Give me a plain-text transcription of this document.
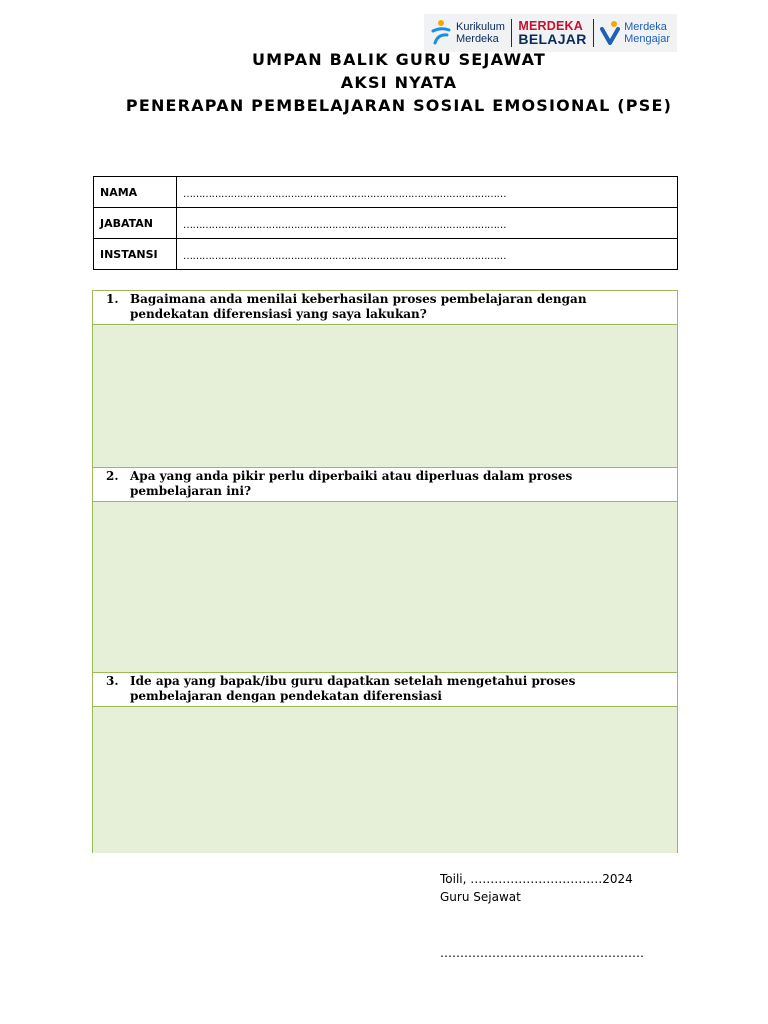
Kurikulum
Merdeka
MERDEKA
BELAJAR
Merdeka
Mengajar
UMPAN BALIK GURU SEJAWAT
AKSI NYATA
PENERAPAN PEMBELAJARAN SOSIAL EMOSIONAL (PSE)
NAMA	…………………………………………………………………………………………
JABATAN	…………………………………………………………………………………………
INSTANSI	…………………………………………………………………………………………
1. Bagaimana anda menilai keberhasilan proses pembelajaran dengan pendekatan diferensiasi yang saya lakukan?
2. Apa yang anda pikir perlu diperbaiki atau diperluas dalam proses pembelajaran ini?
3. Ide apa yang bapak/ibu guru dapatkan setelah mengetahui proses pembelajaran dengan pendekatan diferensiasi
Toili, ……………………………2024
Guru Sejawat
……………………………………………
